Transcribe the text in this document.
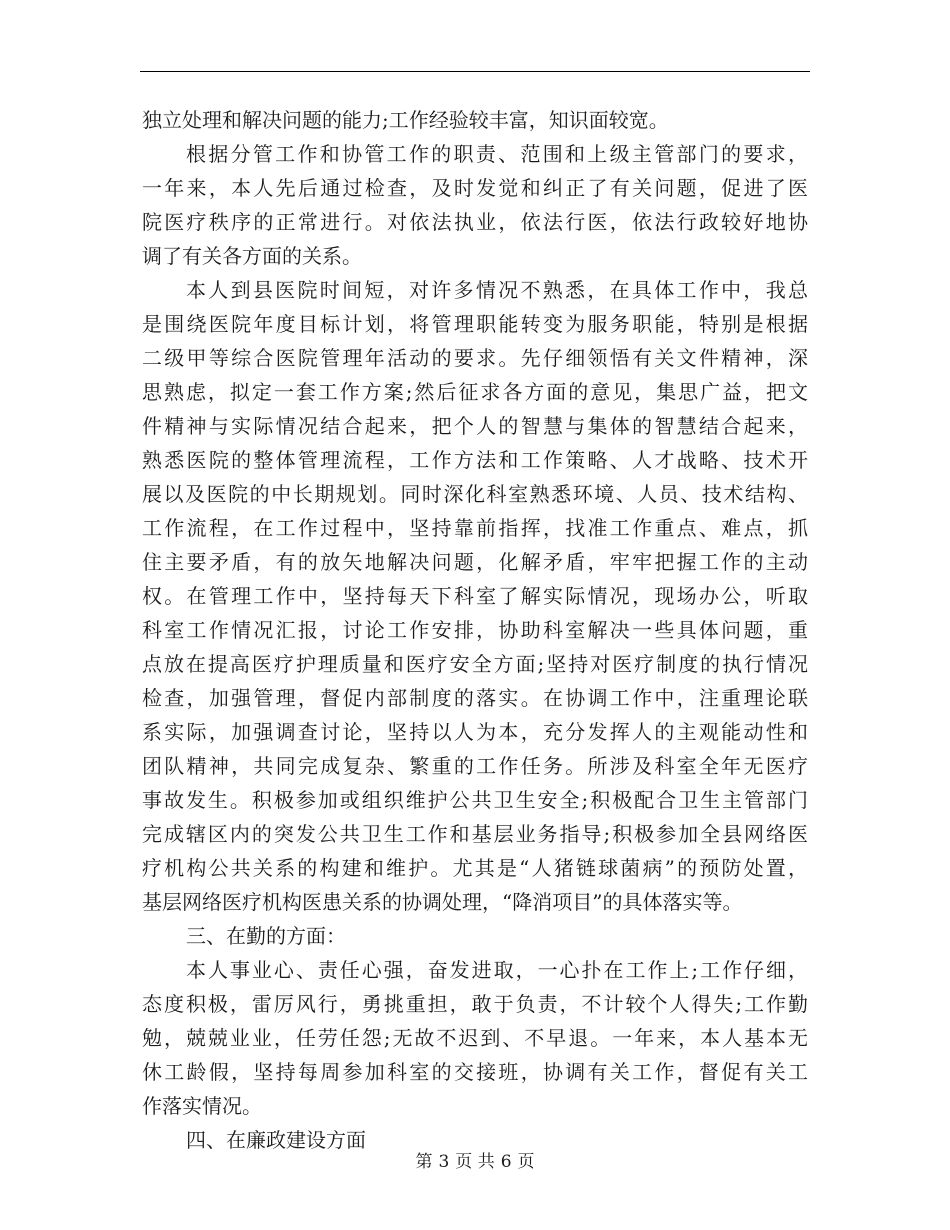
独立处理和解决问题的能力;工作经验较丰富，知识面较宽。
根据分管工作和协管工作的职责、范围和上级主管部门的要求，
一年来，本人先后通过检查，及时发觉和纠正了有关问题，促进了医
院医疗秩序的正常进行。对依法执业，依法行医，依法行政较好地协
调了有关各方面的关系。
本人到县医院时间短，对许多情况不熟悉，在具体工作中，我总
是围绕医院年度目标计划，将管理职能转变为服务职能，特别是根据
二级甲等综合医院管理年活动的要求。先仔细领悟有关文件精神，深
思熟虑，拟定一套工作方案;然后征求各方面的意见，集思广益，把文
件精神与实际情况结合起来，把个人的智慧与集体的智慧结合起来，
熟悉医院的整体管理流程，工作方法和工作策略、人才战略、技术开
展以及医院的中长期规划。同时深化科室熟悉环境、人员、技术结构、
工作流程，在工作过程中，坚持靠前指挥，找准工作重点、难点，抓
住主要矛盾，有的放矢地解决问题，化解矛盾，牢牢把握工作的主动
权。在管理工作中，坚持每天下科室了解实际情况，现场办公，听取
科室工作情况汇报，讨论工作安排，协助科室解决一些具体问题，重
点放在提高医疗护理质量和医疗安全方面;坚持对医疗制度的执行情况
检查，加强管理，督促内部制度的落实。在协调工作中，注重理论联
系实际，加强调查讨论，坚持以人为本，充分发挥人的主观能动性和
团队精神，共同完成复杂、繁重的工作任务。所涉及科室全年无医疗
事故发生。积极参加或组织维护公共卫生安全;积极配合卫生主管部门
完成辖区内的突发公共卫生工作和基层业务指导;积极参加全县网络医
疗机构公共关系的构建和维护。尤其是“人猪链球菌病”的预防处置，
基层网络医疗机构医患关系的协调处理，“降消项目”的具体落实等。
三、在勤的方面：
本人事业心、责任心强，奋发进取，一心扑在工作上;工作仔细，
态度积极，雷厉风行，勇挑重担，敢于负责，不计较个人得失;工作勤
勉，兢兢业业，任劳任怨;无故不迟到、不早退。一年来，本人基本无
休工龄假，坚持每周参加科室的交接班，协调有关工作，督促有关工
作落实情况。
四、在廉政建设方面
第 3 页 共 6 页
